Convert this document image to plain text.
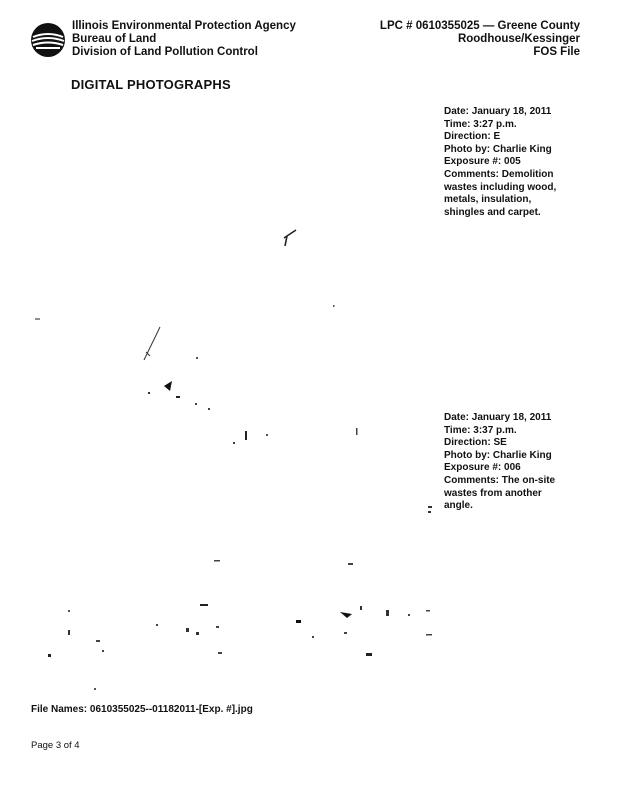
Illinois Environmental Protection Agency
Bureau of Land
Division of Land Pollution Control
LPC # 0610355025 — Greene County
Roodhouse/Kessinger
FOS File
DIGITAL PHOTOGRAPHS
Date: January 18, 2011
Time: 3:27 p.m.
Direction: E
Photo by: Charlie King
Exposure #: 005
Comments: Demolition
wastes including wood,
metals, insulation,
shingles and carpet.
Date: January 18, 2011
Time: 3:37 p.m.
Direction: SE
Photo by: Charlie King
Exposure #: 006
Comments: The on-site
wastes from another
angle.
File Names: 0610355025--01182011-[Exp. #].jpg
Page 3 of 4
